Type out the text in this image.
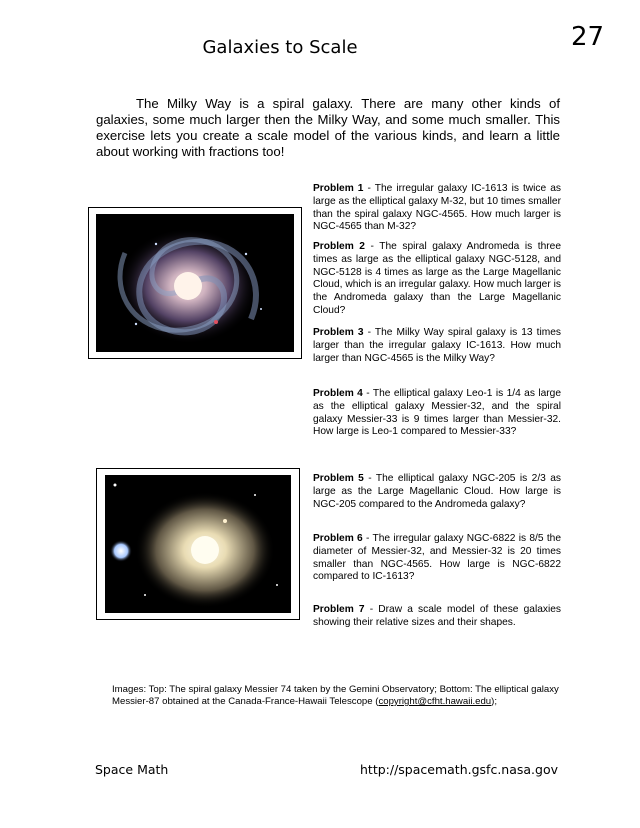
27
Galaxies to Scale
The Milky Way is a spiral galaxy. There are many other kinds of galaxies, some much larger then the Milky Way, and some much smaller. This exercise lets you create a scale model of the various kinds, and learn a little about working with fractions too!
Problem 1 - The irregular galaxy IC-1613 is twice as large as the elliptical galaxy M-32, but 10 times smaller than the spiral galaxy NGC-4565. How much larger is NGC-4565 than M-32?
Problem 2 - The spiral galaxy Andromeda is three times as large as the elliptical galaxy NGC-5128, and NGC-5128 is 4 times as large as the Large Magellanic Cloud, which is an irregular galaxy. How much larger is the Andromeda galaxy than the Large Magellanic Cloud?
Problem 3 - The Milky Way spiral galaxy is 13 times larger than the irregular galaxy IC-1613. How much larger than NGC-4565 is the Milky Way?
Problem 4 - The elliptical galaxy Leo-1 is 1/4 as large as the elliptical galaxy Messier-32, and the spiral galaxy Messier-33 is 9 times larger than Messier-32. How large is Leo-1 compared to Messier-33?
Problem 5 - The elliptical galaxy NGC-205 is 2/3 as large as the Large Magellanic Cloud. How large is NGC-205 compared to the Andromeda galaxy?
Problem 6 - The irregular galaxy NGC-6822 is 8/5 the diameter of Messier-32, and Messier-32 is 20 times smaller than NGC-4565. How large is NGC-6822 compared to IC-1613?
Problem 7 - Draw a scale model of these galaxies showing their relative sizes and their shapes.
Images: Top: The spiral galaxy Messier 74 taken by the Gemini Observatory; Bottom: The elliptical galaxy Messier-87 obtained at the Canada-France-Hawaii Telescope (copyright@cfht.hawaii.edu);
Space Math	http://spacemath.gsfc.nasa.gov
